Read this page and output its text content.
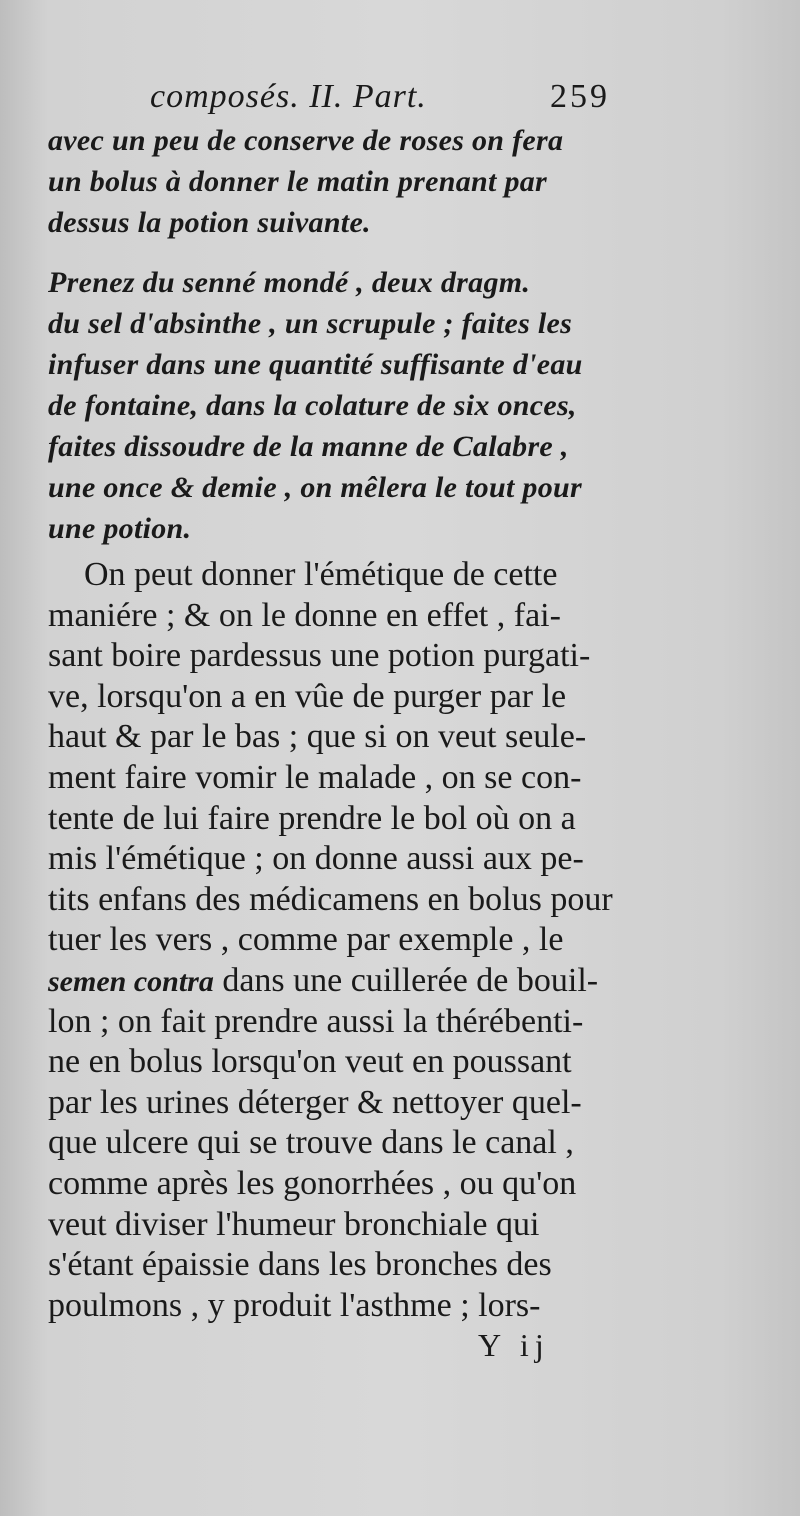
composés. II. Part.	259
avec un peu de conserve de roses on fera
un bolus à donner le matin prenant par
dessus la potion suivante.
Prenez du senné mondé , deux dragm.
du sel d'absinthe , un scrupule ; faites les
infuser dans une quantité suffisante d'eau
de fontaine, dans la colature de six onces,
faites dissoudre de la manne de Calabre ,
une once & demie , on mêlera le tout pour
une potion.
On peut donner l'émétique de cette
maniére ; & on le donne en effet , fai-
sant boire pardessus une potion purgati-
ve, lorsqu'on a en vûe de purger par le
haut & par le bas ; que si on veut seule-
ment faire vomir le malade , on se con-
tente de lui faire prendre le bol où on a
mis l'émétique ; on donne aussi aux pe-
tits enfans des médicamens en bolus pour
tuer les vers , comme par exemple , le
semen contra dans une cuillerée de bouil-
lon ; on fait prendre aussi la thérébenti-
ne en bolus lorsqu'on veut en poussant
par les urines déterger & nettoyer quel-
que ulcere qui se trouve dans le canal ,
comme après les gonorrhées , ou qu'on
veut diviser l'humeur bronchiale qui
s'étant épaissie dans les bronches des
poulmons , y produit l'asthme ; lors-
Y ij
